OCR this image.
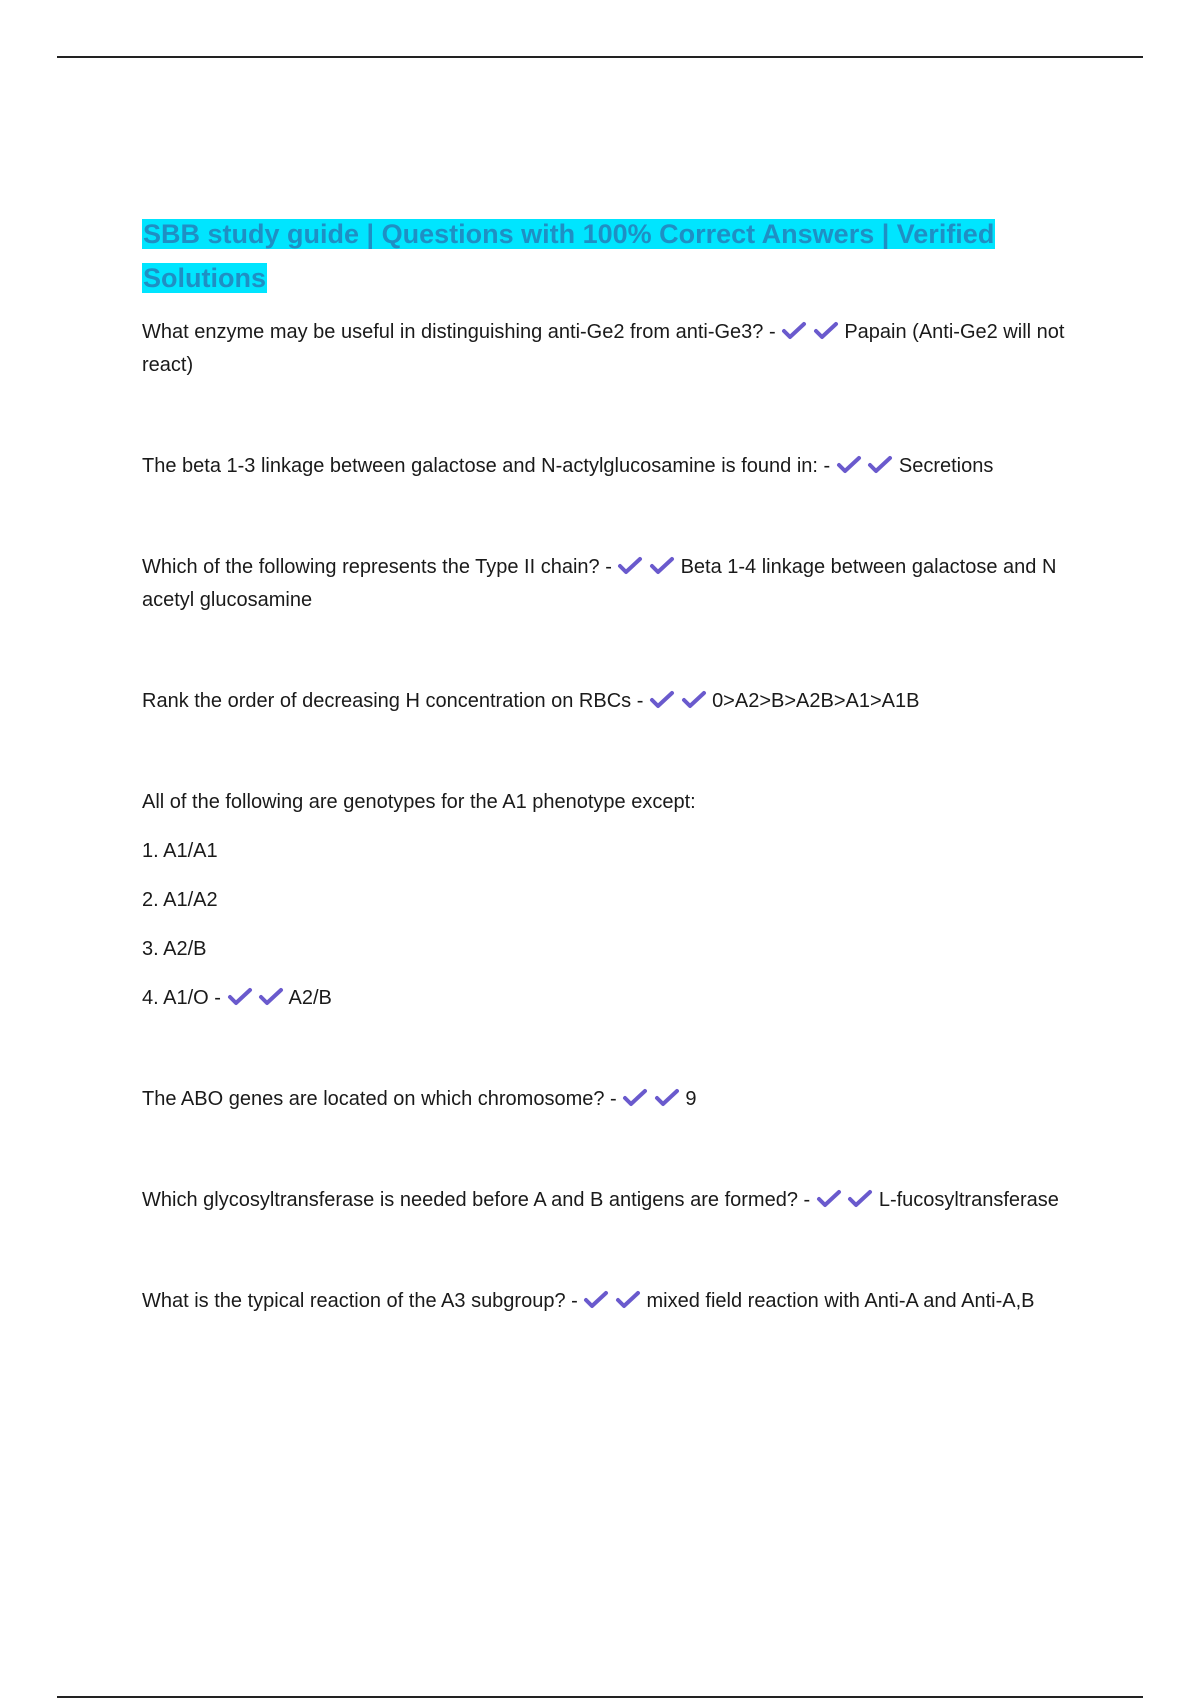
SBB study guide | Questions with 100% Correct Answers | Verified Solutions

What enzyme may be useful in distinguishing anti-Ge2 from anti-Ge3? -
	Papain (Anti-Ge2 will not react)

The beta 1-3 linkage between galactose and N-actylglucosamine is found in: -
	Secretions

Which of the following represents the Type II chain? -
	Beta 1-4 linkage between galactose and N acetyl glucosamine

Rank the order of decreasing H concentration on RBCs -
	0>A2>B>A2B>A1>A1B

All of the following are genotypes for the A1 phenotype except:

1. A1/A1

2. A1/A2

3. A2/B

4. A1/O -
	A2/B

The ABO genes are located on which chromosome? -
	9

Which glycosyltransferase is needed before A and B antigens are formed? -
	L-fucosyltransferase

What is the typical reaction of the A3 subgroup? -
	mixed field reaction with Anti-A and Anti-A,B
